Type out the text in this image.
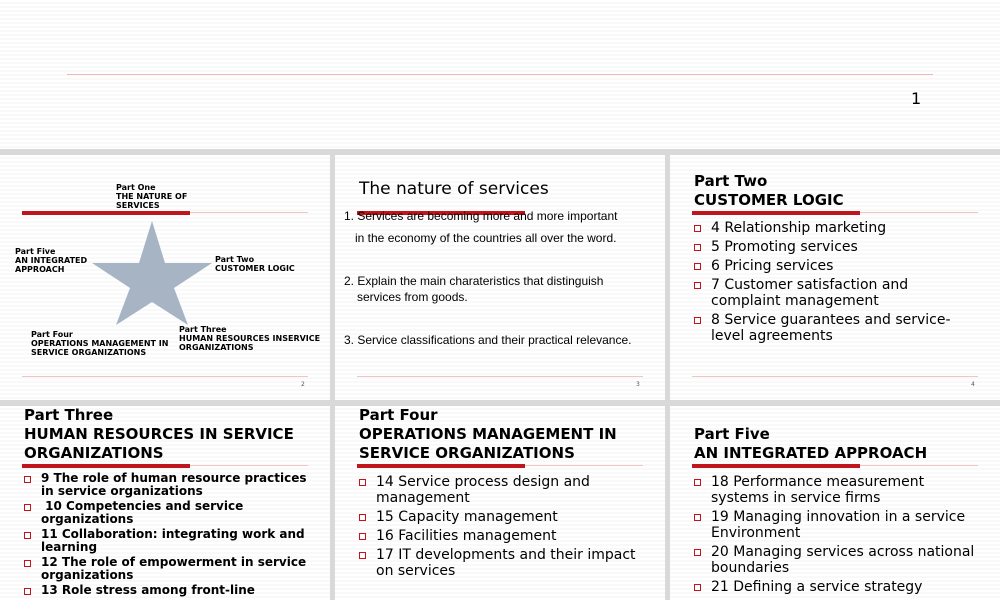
1
Part One
THE NATURE OF
SERVICES
Part Two
CUSTOMER LOGIC
Part Five
AN INTEGRATED
APPROACH
Part Three
HUMAN RESOURCES INSERVICE
ORGANIZATIONS
Part Four
OPERATIONS MANAGEMENT IN
SERVICE ORGANIZATIONS
2
The nature of services
1. Services are becoming more and more important
in the economy of the countries all over the word.
2. Explain the main charateristics that distinguish
services from goods.
3. Service classifications and their practical relevance.
3
Part Two
CUSTOMER LOGIC
4 Relationship marketing
5 Promoting services
6 Pricing services
7 Customer satisfaction and
complaint management
8 Service guarantees and service-
level agreements
4
Part Three
HUMAN RESOURCES IN SERVICE
ORGANIZATIONS
9 The role of human resource practices
in service organizations
10 Competencies and service
organizations
11 Collaboration: integrating work and
learning
12 The role of empowerment in service
organizations
13 Role stress among front-line
Part Four
OPERATIONS MANAGEMENT IN
SERVICE ORGANIZATIONS
14 Service process design and
management
15 Capacity management
16 Facilities management
17 IT developments and their impact
on services
Part Five
AN INTEGRATED APPROACH
18 Performance measurement
systems in service firms
19 Managing innovation in a service
Environment
20 Managing services across national
boundaries
21 Defining a service strategy
